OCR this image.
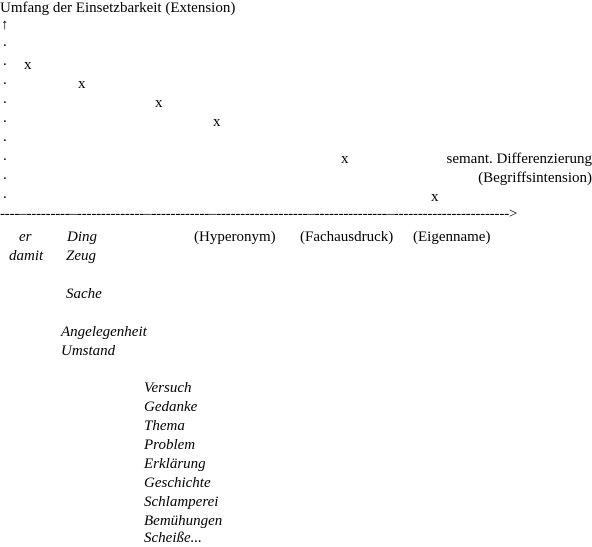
Umfang der Einsetzbarkeit (Extension)
↑
.
.
.
.
.
.
.
.
.
x
x
x
x
x
x
semant. Differenzierung
(Begriffsintension)
----–---------–--------------–------------–-------------------–---------------–------------------------>
(Hyperonym) (Fachausdruck) (Eigenname)
er
damit
Ding
Zeug
Sache
Angelegenheit
Umstand
Versuch
Gedanke
Thema
Problem
Erklärung
Geschichte
Schlamperei
Bemühungen
Scheiße...
